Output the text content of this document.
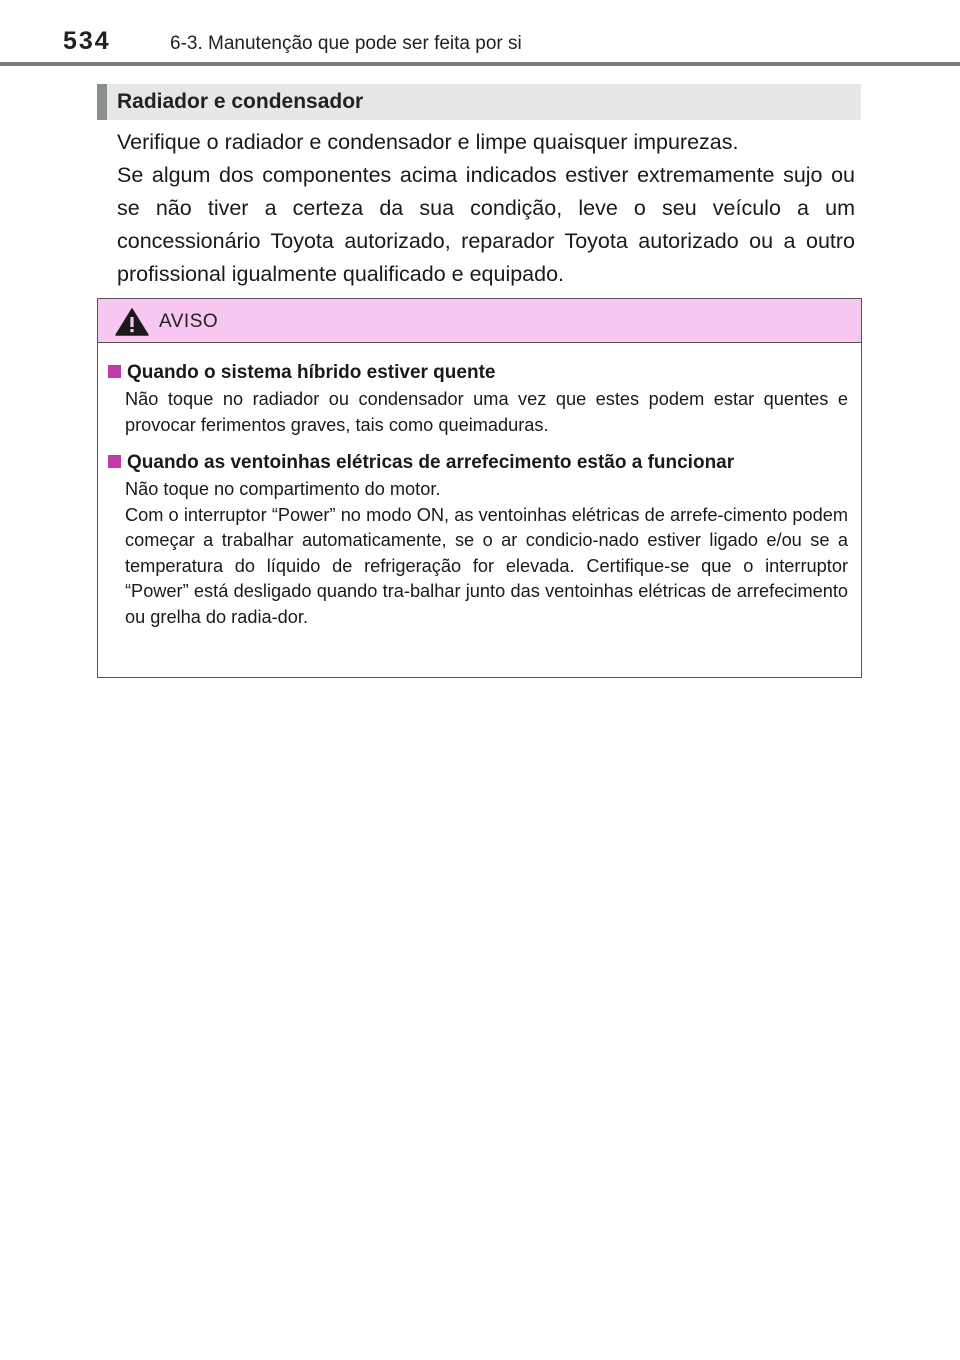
534	6-3. Manutenção que pode ser feita por si
Radiador e condensador

Verifique o radiador e condensador e limpe quaisquer impurezas.

Se algum dos componentes acima indicados estiver extremamente sujo ou se não tiver a certeza da sua condição, leve o seu veículo a um concessionário Toyota autorizado, reparador Toyota autorizado ou a outro profissional igualmente qualificado e equipado.

AVISO

Quando o sistema híbrido estiver quente

Não toque no radiador ou condensador uma vez que estes podem estar quentes e provocar ferimentos graves, tais como queimaduras.

Quando as ventoinhas elétricas de arrefecimento estão a funcionar

Não toque no compartimento do motor.

Com o interruptor “Power” no modo ON, as ventoinhas elétricas de arrefe-cimento podem começar a trabalhar automaticamente, se o ar condicio-nado estiver ligado e/ou se a temperatura do líquido de refrigeração for elevada. Certifique-se que o interruptor “Power” está desligado quando tra-balhar junto das ventoinhas elétricas de arrefecimento ou grelha do radia-dor.
